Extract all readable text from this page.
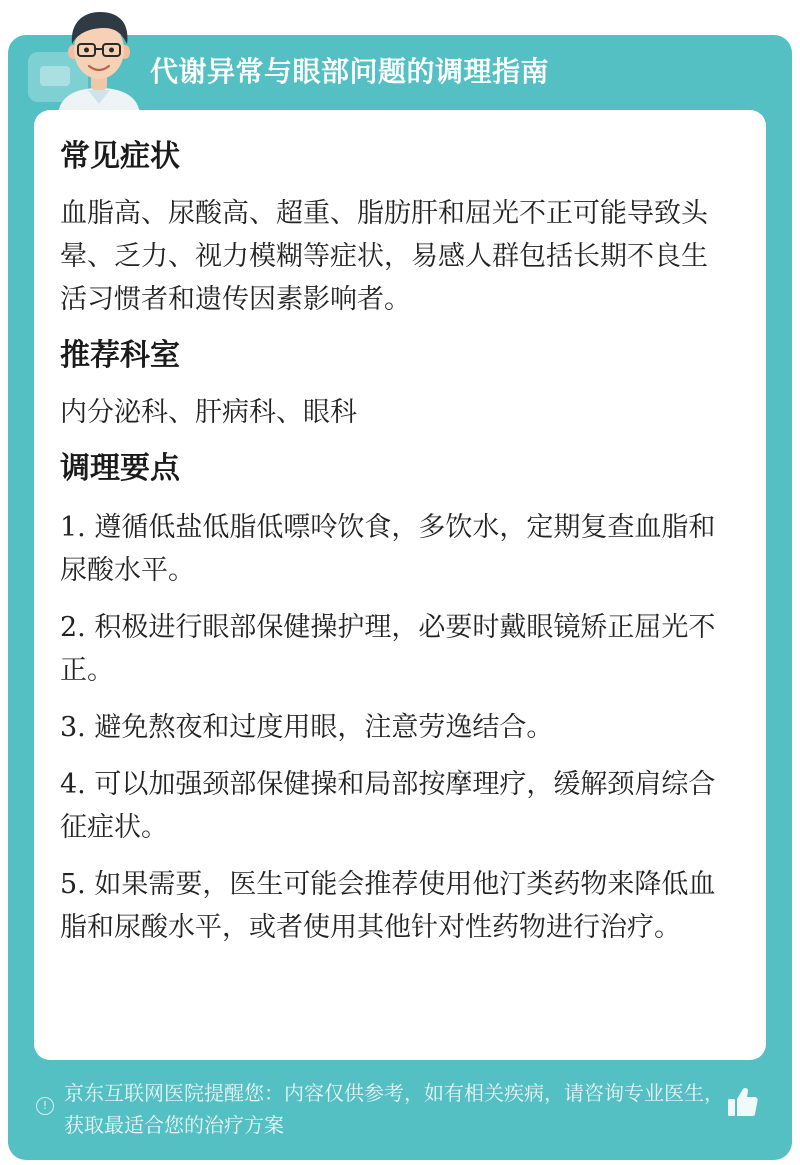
代谢异常与眼部问题的调理指南
常见症状

血脂高、尿酸高、超重、脂肪肝和屈光不正可能导致头晕、乏力、视力模糊等症状，易感人群包括长期不良生活习惯者和遗传因素影响者。

推荐科室

内分泌科、肝病科、眼科

调理要点

1. 遵循低盐低脂低嘌呤饮食，多饮水，定期复查血脂和尿酸水平。

2. 积极进行眼部保健操护理，必要时戴眼镜矫正屈光不正。

3. 避免熬夜和过度用眼，注意劳逸结合。

4. 可以加强颈部保健操和局部按摩理疗，缓解颈肩综合征症状。

5. 如果需要，医生可能会推荐使用他汀类药物来降低血脂和尿酸水平，或者使用其他针对性药物进行治疗。

!
京东互联网医院提醒您：内容仅供参考，如有相关疾病，请咨询专业医生，获取最适合您的治疗方案
